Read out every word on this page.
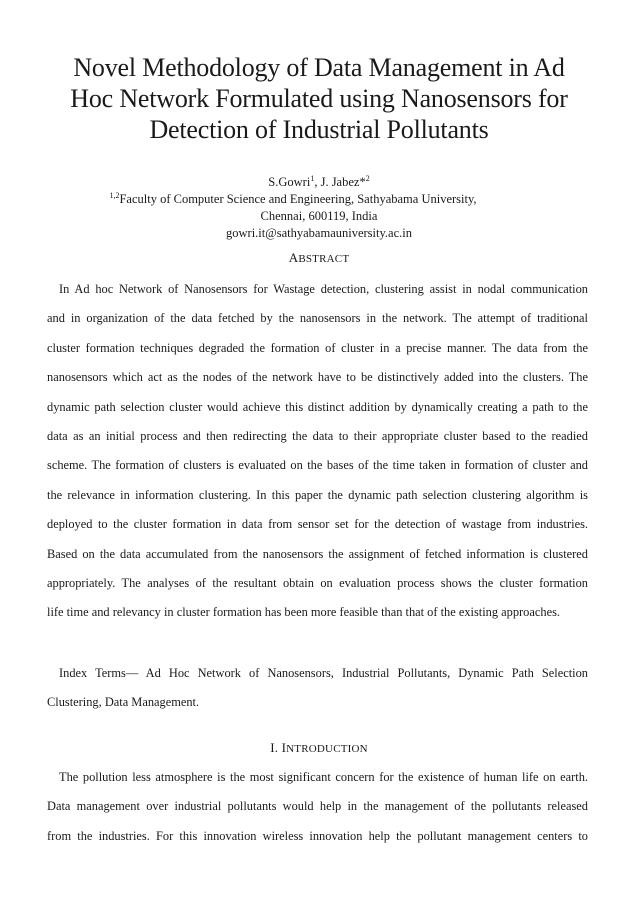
Novel Methodology of Data Management in Ad
Hoc Network Formulated using Nanosensors for
Detection of Industrial Pollutants
S.Gowri$^1$, J. Jabez*$^2$
$^{1,2}$Faculty of Computer Science and Engineering, Sathyabama University,
Chennai, 600119, India
gowri.it@sathyabamauniversity.ac.in
ABSTRACT
In Ad hoc Network of Nanosensors for Wastage detection, clustering assist in nodal communication
and in organization of the data fetched by the nanosensors in the network. The attempt of traditional
cluster formation techniques degraded the formation of cluster in a precise manner. The data from the
nanosensors which act as the nodes of the network have to be distinctively added into the clusters. The
dynamic path selection cluster would achieve this distinct addition by dynamically creating a path to the
data as an initial process and then redirecting the data to their appropriate cluster based to the readied
scheme. The formation of clusters is evaluated on the bases of the time taken in formation of cluster and
the relevance in information clustering. In this paper the dynamic path selection clustering algorithm is
deployed to the cluster formation in data from sensor set for the detection of wastage from industries.
Based on the data accumulated from the nanosensors the assignment of fetched information is clustered
appropriately. The analyses of the resultant obtain on evaluation process shows the cluster formation
life time and relevancy in cluster formation has been more feasible than that of the existing approaches.
Index Terms— Ad Hoc Network of Nanosensors, Industrial Pollutants, Dynamic Path Selection
Clustering, Data Management.
I. INTRODUCTION
The pollution less atmosphere is the most significant concern for the existence of human life on earth.
Data management over industrial pollutants would help in the management of the pollutants released
from the industries. For this innovation wireless innovation help the pollutant management centers to
